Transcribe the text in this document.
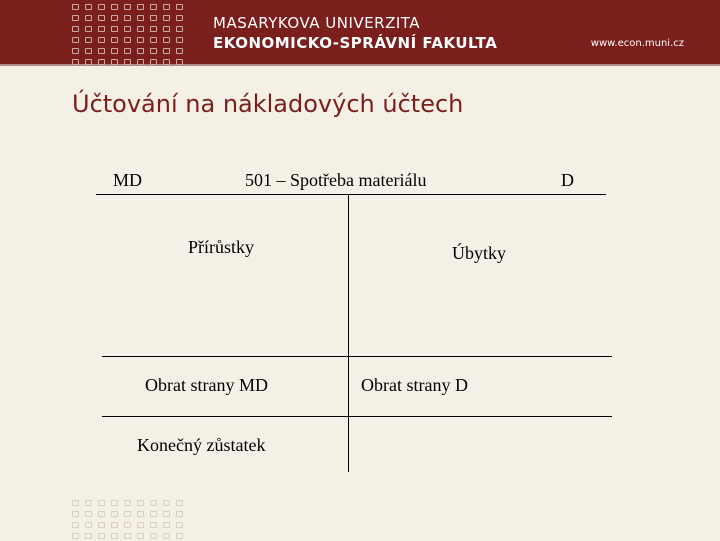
MASARYKOVA UNIVERZITA
EKONOMICKO-SPRÁVNÍ FAKULTA	www.econ.muni.cz
Účtování na nákladových účtech
MD	501 – Spotřeba materiálu	D
Přírůstky	Úbytky
Obrat strany MD	Obrat strany D
Konečný zůstatek
